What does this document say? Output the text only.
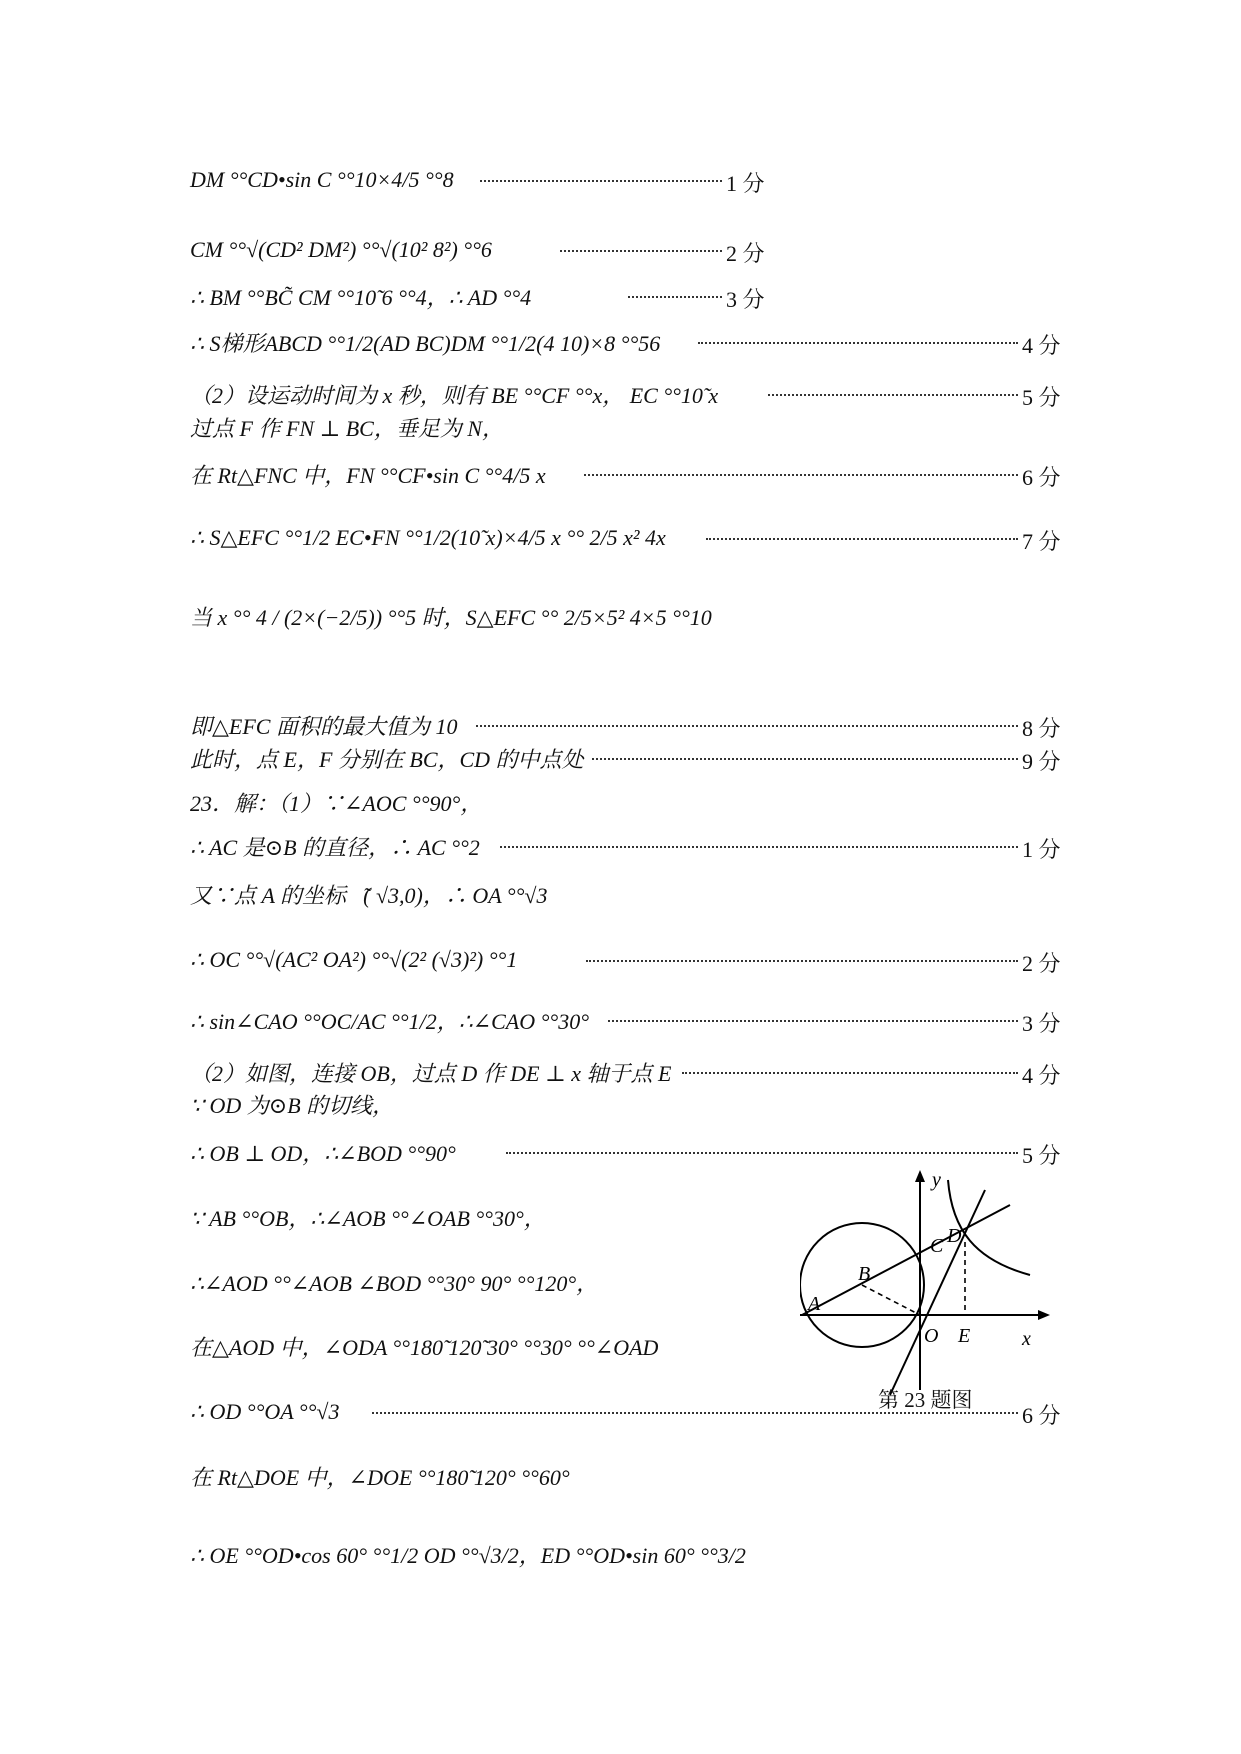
DM °°CD•sin C °°10×4/5 °°8	1 分
CM °°√(CD² DM²) °°√(10² 8²) °°6	2 分
∴ BM °°BC̃ CM °°10̃ 6 °°4，∴ AD °°4	3 分
∴ S梯形ABCD °°1/2(AD BC)DM °°1/2(4 10)×8 °°56	4 分
（2）设运动时间为 x 秒，则有 BE °°CF °°x， EC °°10̃ x	5 分
过点 F 作 FN ⊥ BC，垂足为 N，
在 Rt△FNC 中，FN °°CF•sin C °°4/5 x	6 分
∴ S△EFC °°1/2 EC•FN °°1/2(10̃ x)×4/5 x °° 2/5 x² 4x	7 分
当 x °° 4 / (2×(−2/5)) °°5 时，S△EFC °° 2/5×5² 4×5 °°10
即△EFC 面积的最大值为 10	8 分
此时，点 E，F 分别在 BC，CD 的中点处	9 分
23．解：（1）∵∠AOC °°90°，
∴ AC 是⊙B 的直径，∴ AC °°2	1 分
又∵点 A 的坐标为̃( √3,0)，∴ OA °°√3
∴ OC °°√(AC² OA²) °°√(2² (√3)²) °°1	2 分
∴ sin∠CAO °°OC/AC °°1/2，∴∠CAO °°30°	3 分
（2）如图，连接 OB，过点 D 作 DE ⊥ x 轴于点 E	4 分
∵ OD 为⊙B 的切线，
∴ OB ⊥ OD，∴∠BOD °°90°	5 分
∵ AB °°OB，∴∠AOB °°∠OAB °°30°，
∴∠AOD °°∠AOB ∠BOD °°30° 90° °°120°，
在△AOD 中，∠ODA °°180̃ 120̃ 30° °°30° °°∠OAD
∴ OD °°OA °°√3	6 分
在 Rt△DOE 中，∠DOE °°180̃ 120° °°60°
∴ OE °°OD•cos 60° °°1/2 OD °°√3/2，ED °°OD•sin 60° °°3/2
y
x
O
A
B
C D
E
第 23 题图
